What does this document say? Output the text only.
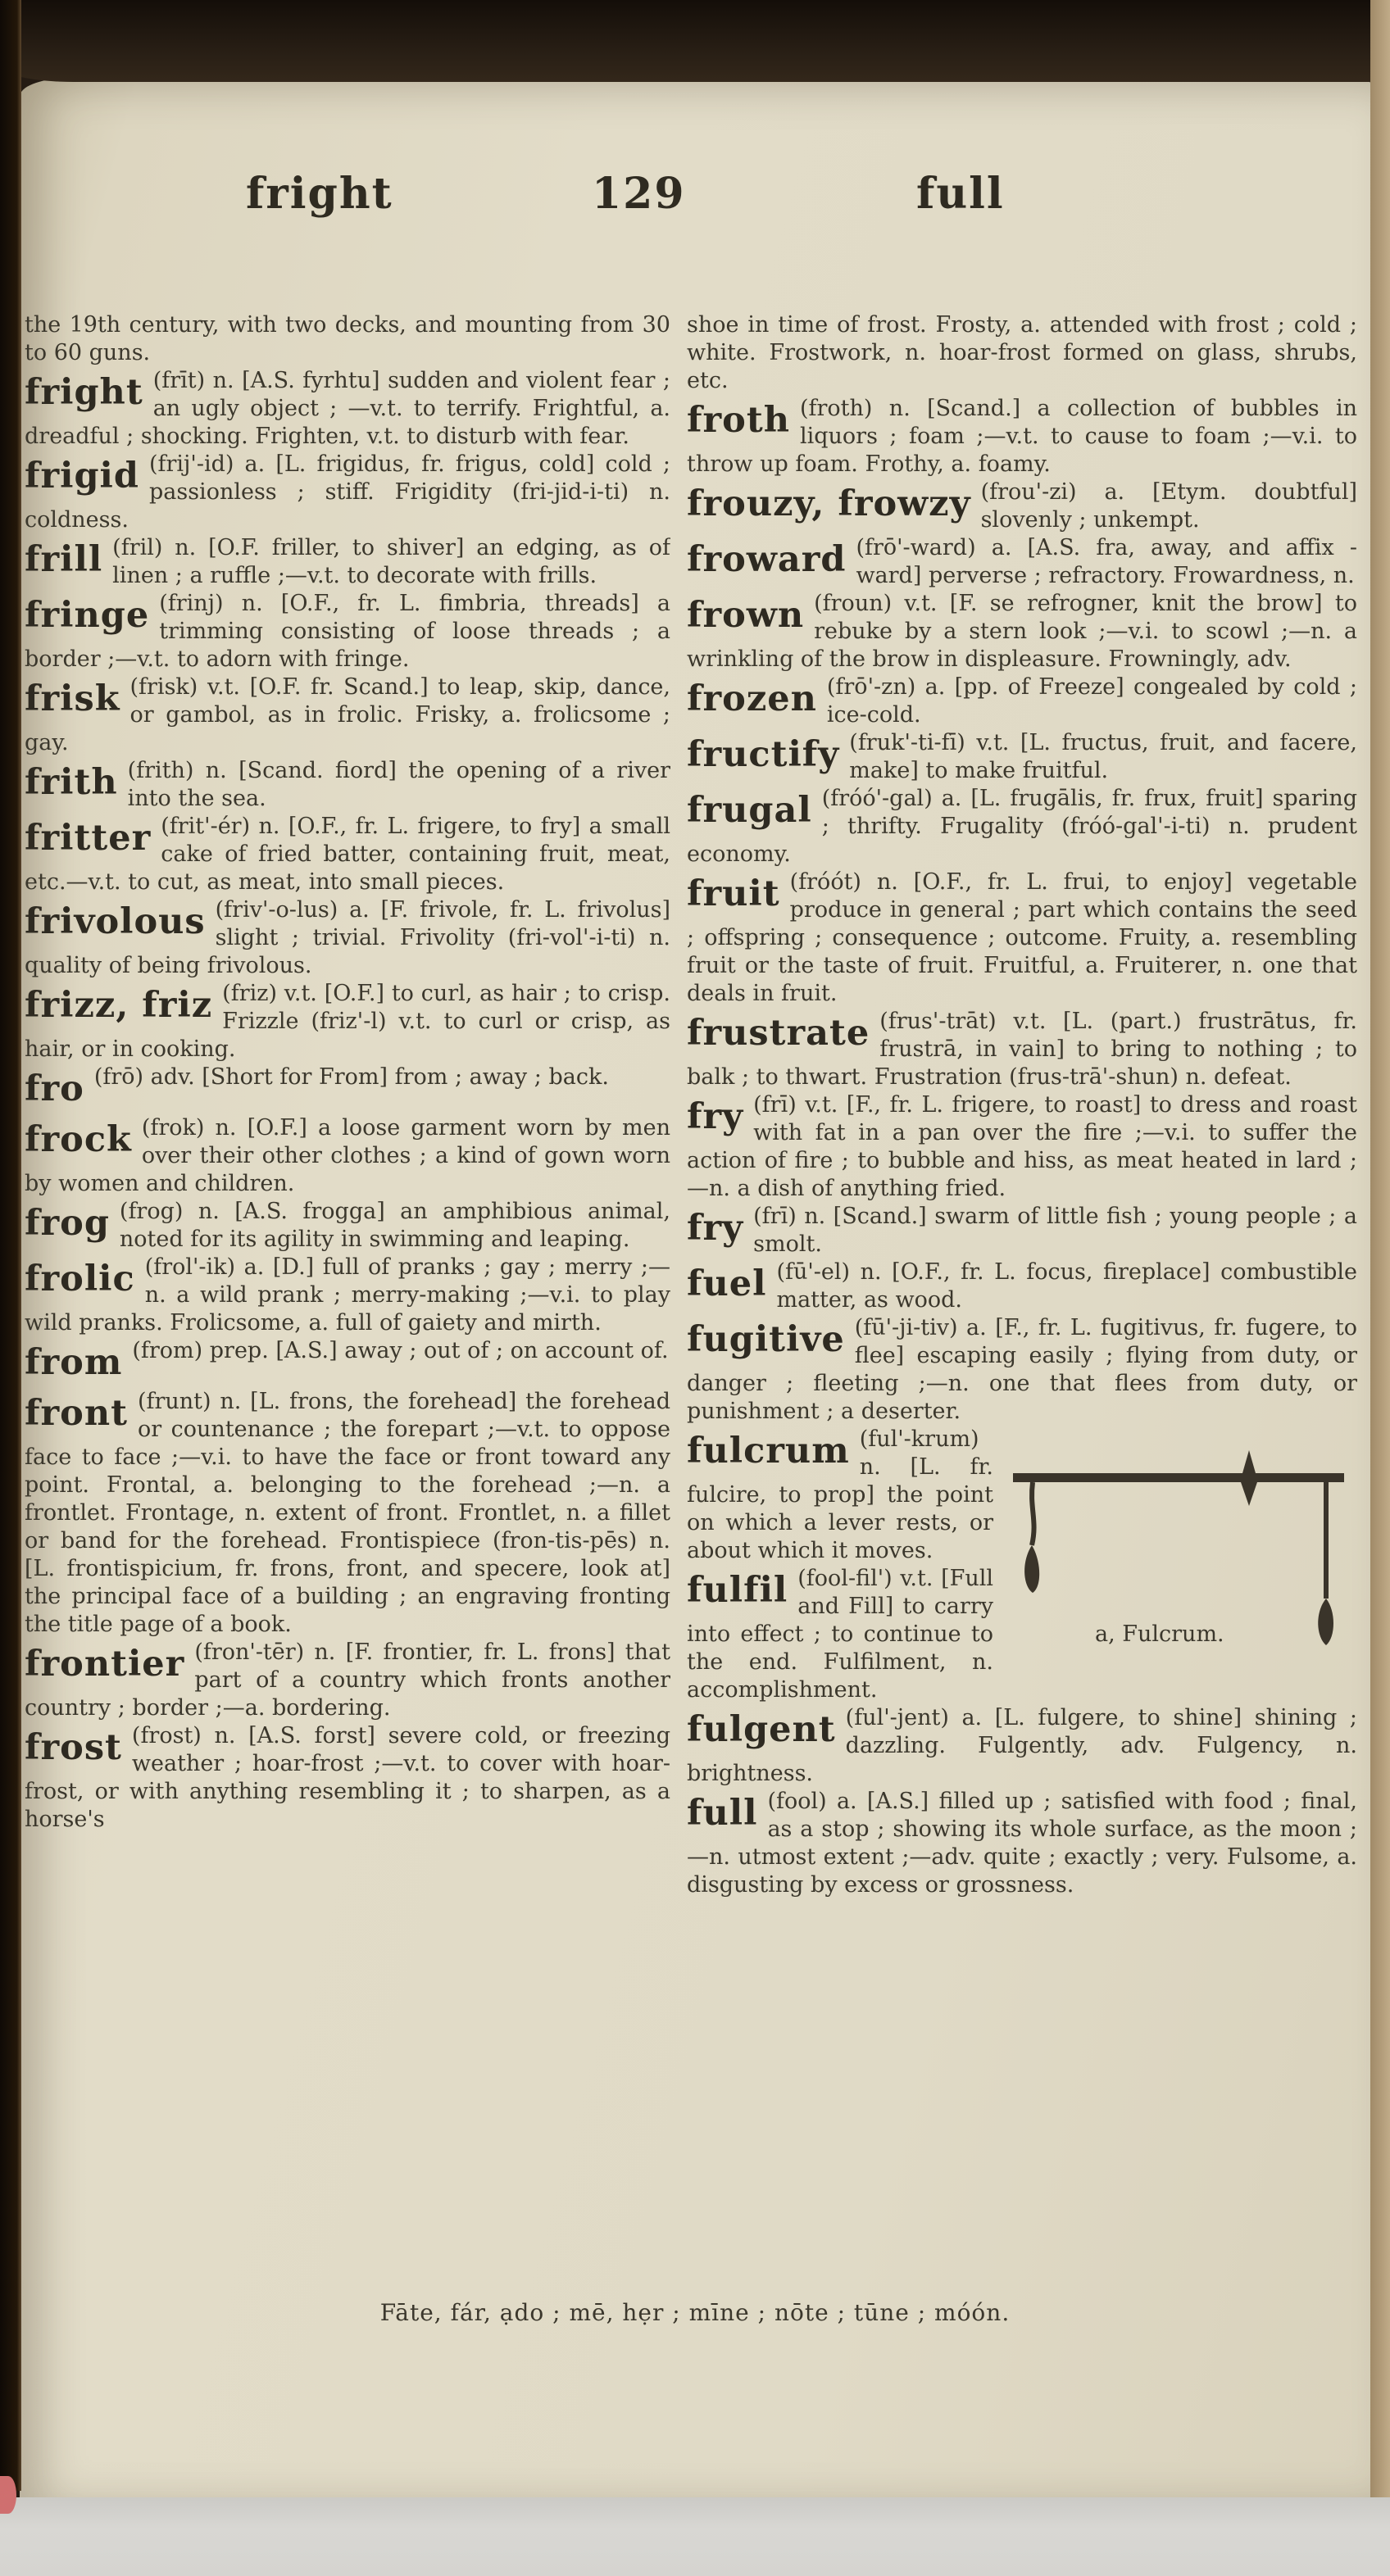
fright	129	full

the 19th century, with two decks, and mounting from 30 to 60 guns.

fright (frīt) n. [A.S. fyrhtu] sudden and violent fear ; an ugly object ; —v.t. to terrify. Frightful, a. dreadful ; shocking. Frighten, v.t. to disturb with fear.

frigid (frij'-id) a. [L. frigidus, fr. frigus, cold] cold ; passionless ; stiff. Frigidity (fri-jid-i-ti) n. coldness.

frill (fril) n. [O.F. friller, to shiver] an edging, as of linen ; a ruffle ;—v.t. to decorate with frills.

fringe (frinj) n. [O.F., fr. L. fimbria, threads] a trimming consisting of loose threads ; a border ;—v.t. to adorn with fringe.

frisk (frisk) v.t. [O.F. fr. Scand.] to leap, skip, dance, or gambol, as in frolic. Frisky, a. frolicsome ; gay.

frith (frith) n. [Scand. fiord] the opening of a river into the sea.

fritter (frit'-ér) n. [O.F., fr. L. frigere, to fry] a small cake of fried batter, containing fruit, meat, etc.—v.t. to cut, as meat, into small pieces.

frivolous (friv'-o-lus) a. [F. frivole, fr. L. frivolus] slight ; trivial. Frivolity (fri-vol'-i-ti) n. quality of being frivolous.

frizz, friz (friz) v.t. [O.F.] to curl, as hair ; to crisp. Frizzle (friz'-l) v.t. to curl or crisp, as hair, or in cooking.

fro (frō) adv. [Short for From] from ; away ; back.

frock (frok) n. [O.F.] a loose garment worn by men over their other clothes ; a kind of gown worn by women and children.

frog (frog) n. [A.S. frogga] an amphibious animal, noted for its agility in swimming and leaping.

frolic (frol'-ik) a. [D.] full of pranks ; gay ; merry ;—n. a wild prank ; merry-making ;—v.i. to play wild pranks. Frolicsome, a. full of gaiety and mirth.

from (from) prep. [A.S.] away ; out of ; on account of.

front (frunt) n. [L. frons, the forehead] the forehead or countenance ; the forepart ;—v.t. to oppose face to face ;—v.i. to have the face or front toward any point. Frontal, a. belonging to the forehead ;—n. a frontlet. Frontage, n. extent of front. Frontlet, n. a fillet or band for the forehead. Frontispiece (fron-tis-pēs) n. [L. frontispicium, fr. frons, front, and specere, look at] the principal face of a building ; an engraving fronting the title page of a book.

frontier (fron'-tēr) n. [F. frontier, fr. L. frons] that part of a country which fronts another country ; border ;—a. bordering.

frost (frost) n. [A.S. forst] severe cold, or freezing weather ; hoar-frost ;—v.t. to cover with hoar-frost, or with anything resembling it ; to sharpen, as a horse's

shoe in time of frost. Frosty, a. attended with frost ; cold ; white. Frostwork, n. hoar-frost formed on glass, shrubs, etc.

froth (froth) n. [Scand.] a collection of bubbles in liquors ; foam ;—v.t. to cause to foam ;—v.i. to throw up foam. Frothy, a. foamy.

frouzy, frowzy (frou'-zi) a. [Etym. doubtful] slovenly ; unkempt.

froward (frō'-ward) a. [A.S. fra, away, and affix -ward] perverse ; refractory. Frowardness, n.

frown (froun) v.t. [F. se refrogner, knit the brow] to rebuke by a stern look ;—v.i. to scowl ;—n. a wrinkling of the brow in displeasure. Frowningly, adv.

frozen (frō'-zn) a. [pp. of Freeze] congealed by cold ; ice-cold.

fructify (fruk'-ti-fī) v.t. [L. fructus, fruit, and facere, make] to make fruitful.

frugal (fróó'-gal) a. [L. frugālis, fr. frux, fruit] sparing ; thrifty. Frugality (fróó-gal'-i-ti) n. prudent economy.

fruit (fróót) n. [O.F., fr. L. frui, to enjoy] vegetable produce in general ; part which contains the seed ; offspring ; consequence ; outcome. Fruity, a. resembling fruit or the taste of fruit. Fruitful, a. Fruiterer, n. one that deals in fruit.

frustrate (frus'-trāt) v.t. [L. (part.) frustrātus, fr. frustrā, in vain] to bring to nothing ; to balk ; to thwart. Frustration (frus-trā'-shun) n. defeat.

fry (frī) v.t. [F., fr. L. frigere, to roast] to dress and roast with fat in a pan over the fire ;—v.i. to suffer the action of fire ; to bubble and hiss, as meat heated in lard ;—n. a dish of anything fried.

fry (frī) n. [Scand.] swarm of little fish ; young people ; a smolt.

fuel (fū'-el) n. [O.F., fr. L. focus, fireplace] combustible matter, as wood.

fugitive (fū'-ji-tiv) a. [F., fr. L. fugitivus, fr. fugere, to flee] escaping easily ; flying from duty, or danger ; fleeting ;—n. one that flees from duty, or punishment ; a deserter.

a, Fulcrum.

fulcrum (ful'-krum) n. [L. fr. fulcire, to prop] the point on which a lever rests, or about which it moves.

fulfil (fool-fil') v.t. [Full and Fill] to carry into effect ; to continue to the end. Fulfilment, n. accomplishment.

fulgent (ful'-jent) a. [L. fulgere, to shine] shining ; dazzling. Fulgently, adv. Fulgency, n. brightness.

full (fool) a. [A.S.] filled up ; satisfied with food ; final, as a stop ; showing its whole surface, as the moon ;—n. utmost extent ;—adv. quite ; exactly ; very. Fulsome, a. disgusting by excess or grossness.

Fāte, fár, ạdo ; mē, hẹr ; mīne ; nōte ; tūne ; móón.
